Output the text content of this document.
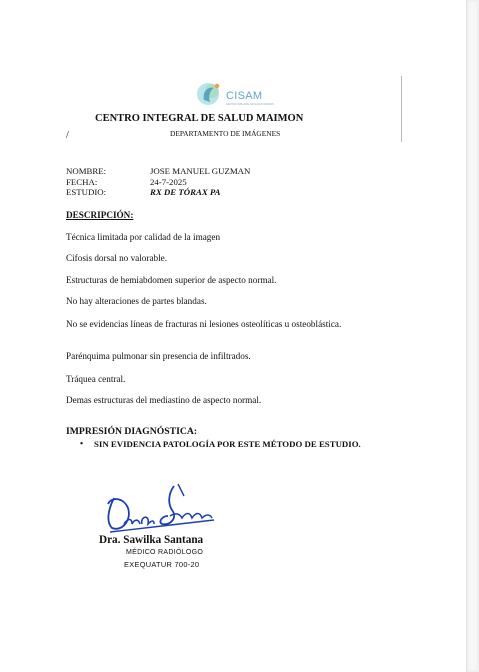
CISAM
CENTRO INTEGRAL DE SALUD MAIMON
CENTRO INTEGRAL DE SALUD MAIMON
/	DEPARTAMENTO DE IMÁGENES
NOMBRE:	JOSE MANUEL GUZMAN
FECHA:	24-7-2025
ESTUDIO:	RX DE TÓRAX PA
DESCRIPCIÓN:
Técnica limitada por calidad de la imagen
Cifosis dorsal no valorable.
Estructuras de hemiabdomen superior de aspecto normal.
No hay alteraciones de partes blandas.
No se evidencias líneas de fracturas ni lesiones osteolíticas u osteoblástica.
Parénquima pulmonar sin presencia de infiltrados.
Tráquea central.
Demas estructuras del mediastino de aspecto normal.
IMPRESIÓN DIAGNÓSTICA:
• SIN EVIDENCIA PATOLOGÍA POR ESTE MÉTODO DE ESTUDIO.
Dra. Sawilka Santana
MÉDICO RADIÓLOGO
EXEQUATUR 700-20
